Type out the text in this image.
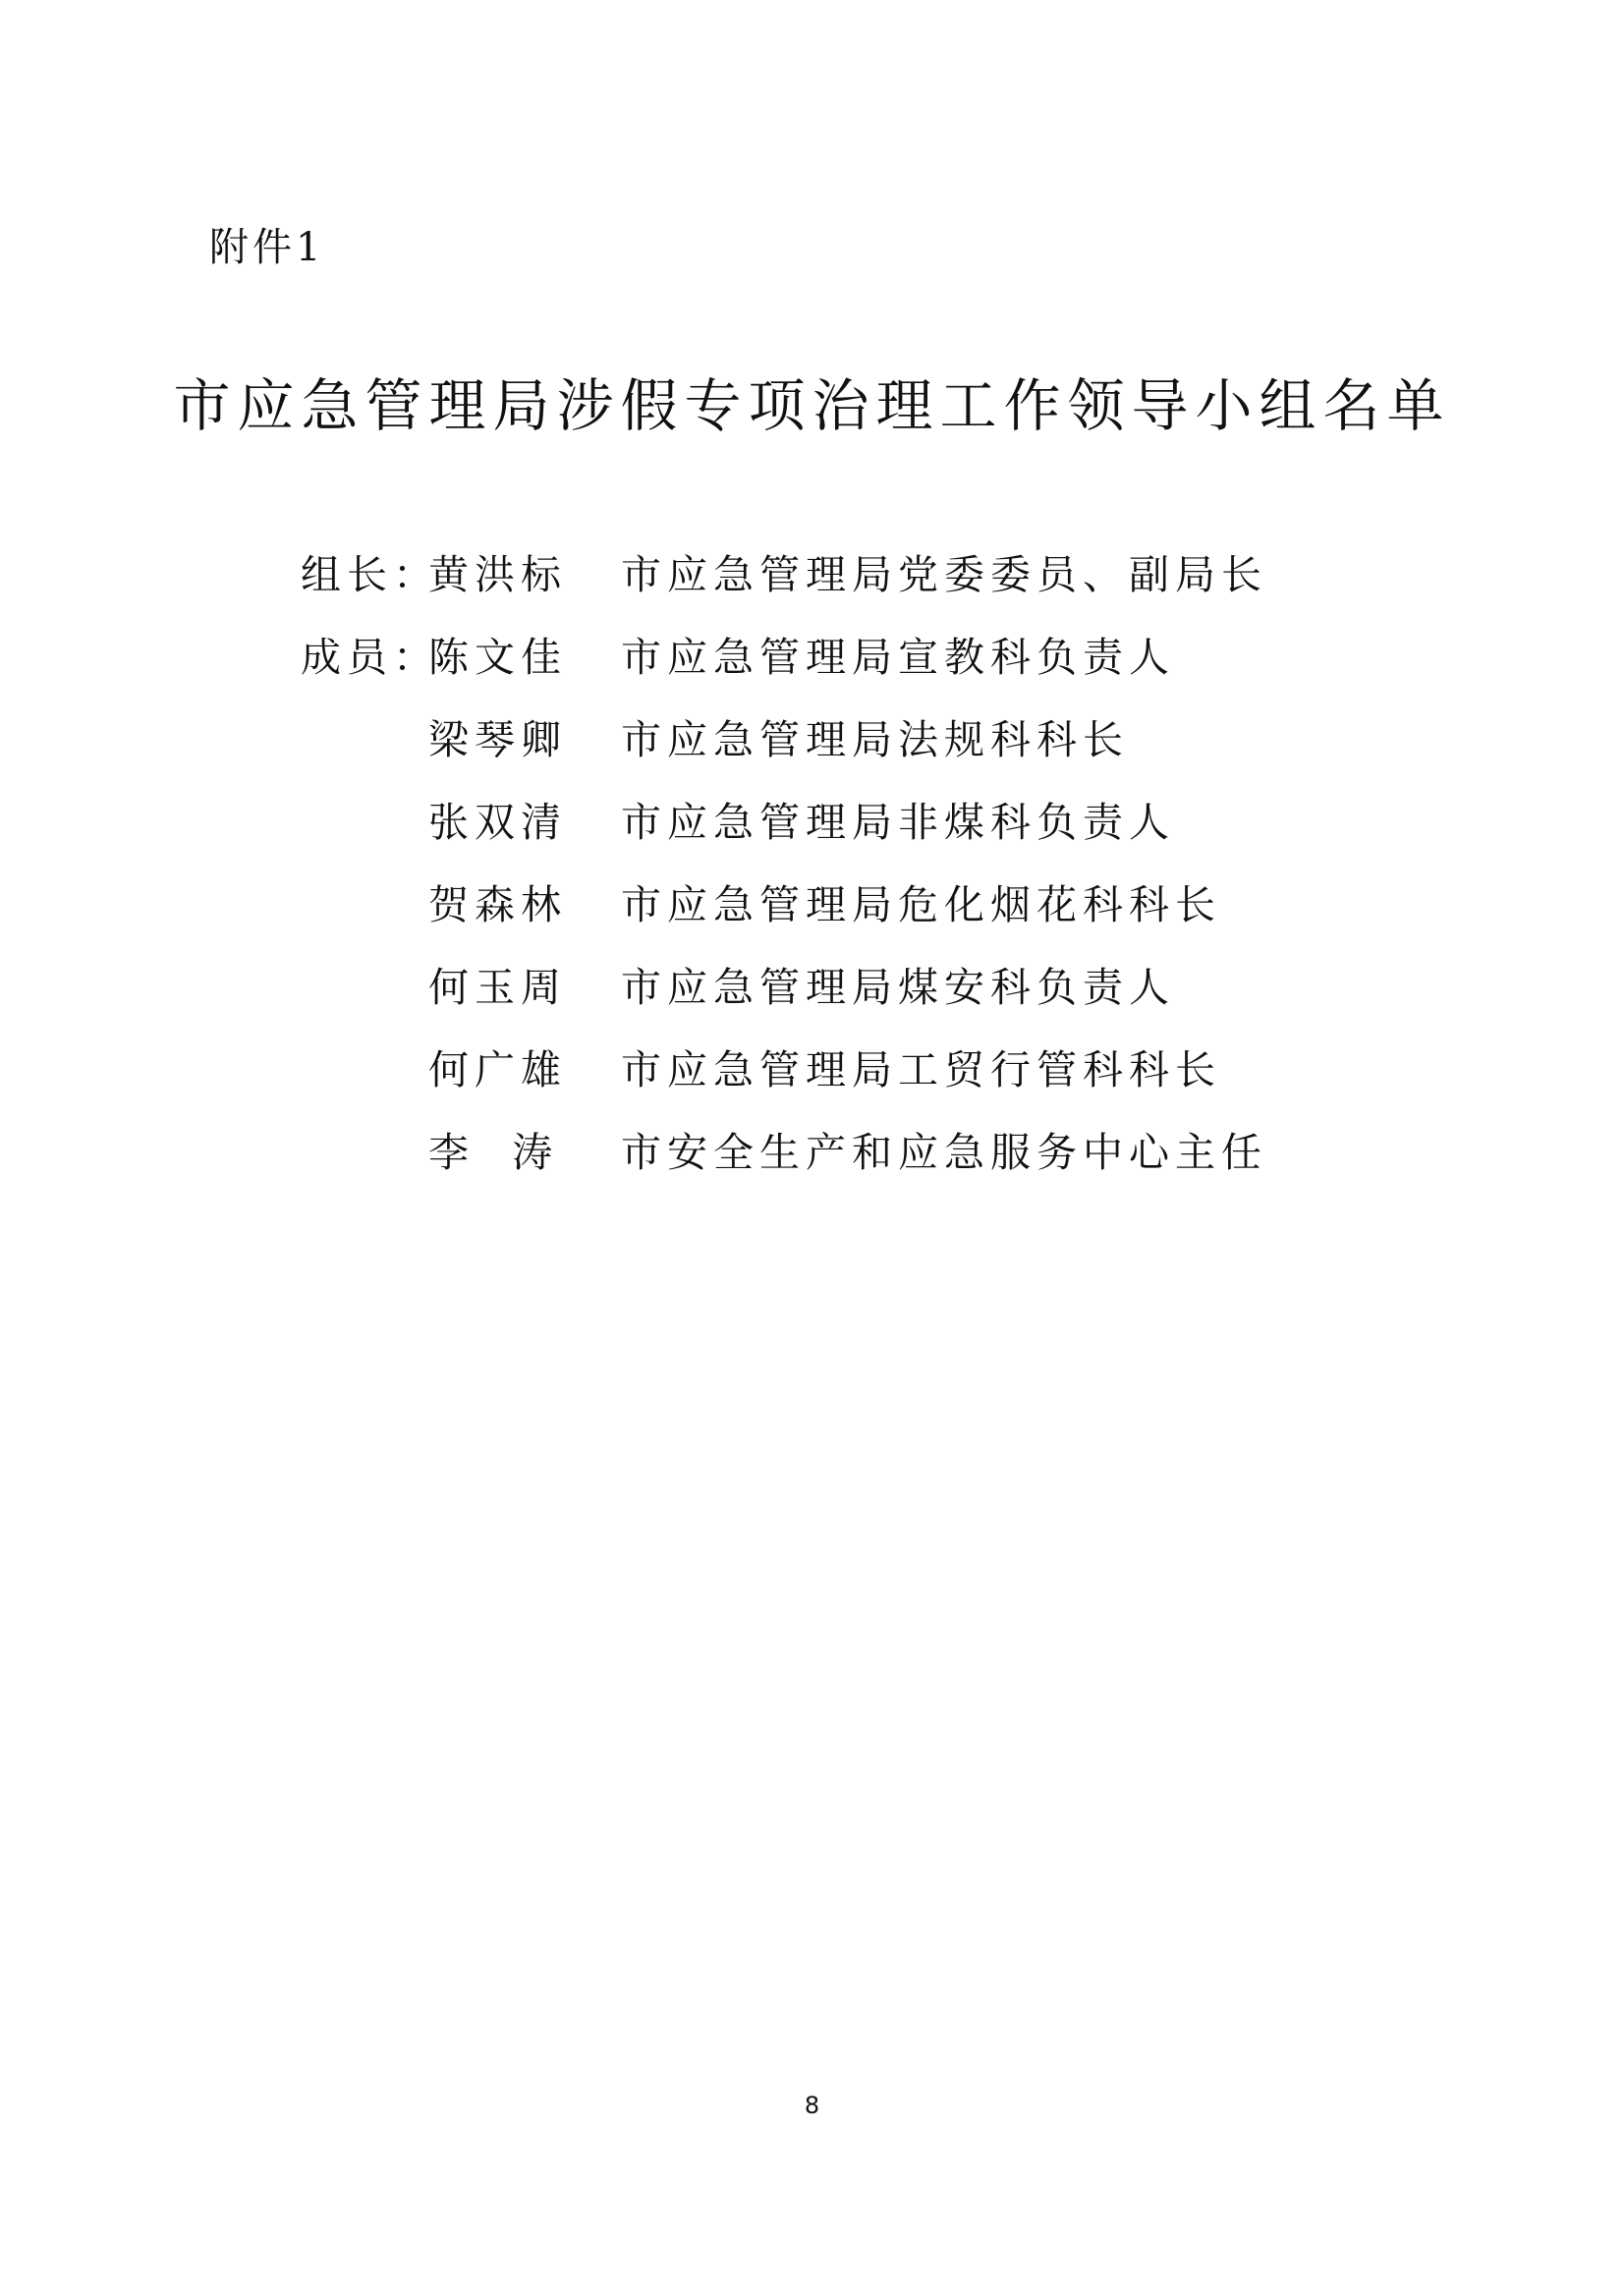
附件1
市应急管理局涉假专项治理工作领导小组名单
组长：
黄洪标 市应急管理局党委委员、副局长
成员：
陈文佳 市应急管理局宣教科负责人
梁琴卿 市应急管理局法规科科长
张双清 市应急管理局非煤科负责人
贺森林 市应急管理局危化烟花科科长
何玉周 市应急管理局煤安科负责人
何广雄 市应急管理局工贸行管科科长
李  涛 市安全生产和应急服务中心主任
8
